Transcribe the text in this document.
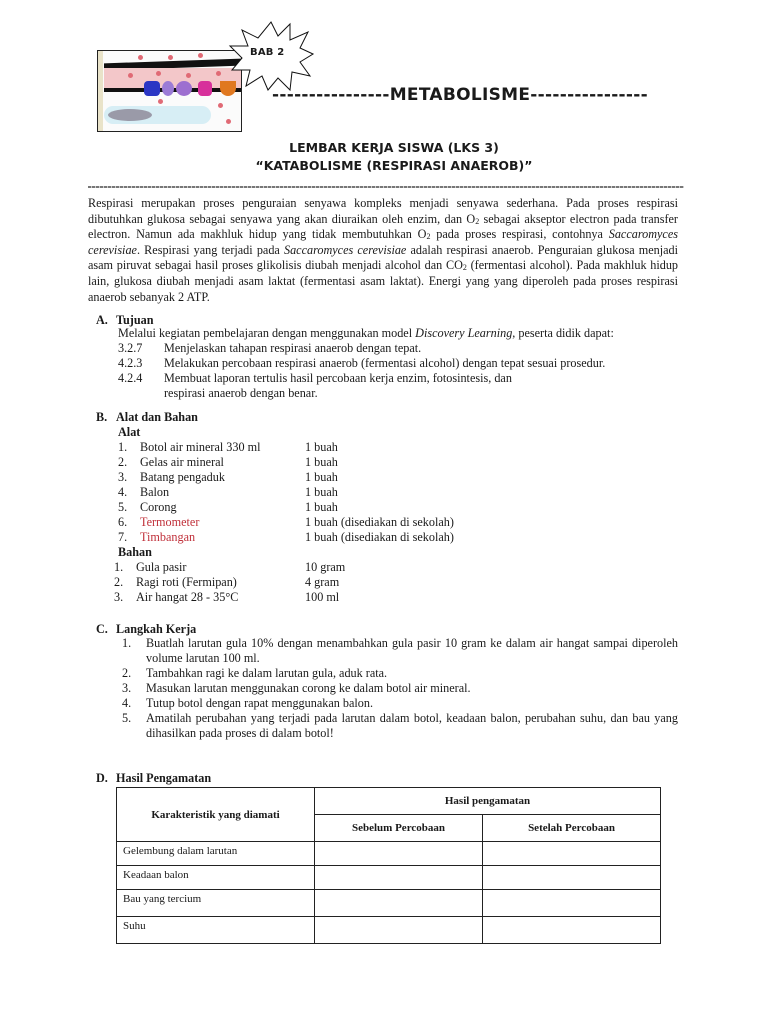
BAB 2
----------------METABOLISME----------------
LEMBAR KERJA SISWA (LKS 3)
“KATABOLISME (RESPIRASI ANAEROB)”
Respirasi merupakan proses penguraian senyawa kompleks menjadi senyawa sederhana. Pada proses respirasi dibutuhkan glukosa sebagai senyawa yang akan diuraikan oleh enzim, dan $O_2$ sebagai akseptor electron pada transfer electron. Namun ada makhluk hidup yang tidak membutuhkan $O_2$ pada proses respirasi, contohnya Saccaromyces cerevisiae. Respirasi yang terjadi pada Saccaromyces cerevisiae adalah respirasi anaerob. Penguraian glukosa menjadi asam piruvat sebagai hasil proses glikolisis diubah menjadi alcohol dan $CO_2$ (fermentasi alcohol). Pada makhluk hidup lain, glukosa diubah menjadi asam laktat (fermentasi asam laktat). Energi yang yang diperoleh pada proses respirasi anaerob sebanyak 2 ATP.
A. Tujuan
Melalui kegiatan pembelajaran dengan menggunakan model Discovery Learning, peserta didik dapat:
3.2.7 Menjelaskan tahapan respirasi anaerob dengan tepat.
4.2.3 Melakukan percobaan respirasi anaerob (fermentasi alcohol) dengan tepat sesuai prosedur.
4.2.4 Membuat laporan tertulis hasil percobaan kerja enzim, fotosintesis, dan respirasi anaerob dengan benar.
B. Alat dan Bahan
Alat
1.	Botol air mineral 330 ml	1 buah
2.	Gelas air mineral	1 buah
3.	Batang pengaduk	1 buah
4.	Balon	1 buah
5.	Corong	1 buah
6.	Termometer	1 buah (disediakan di sekolah)
7.	Timbangan	1 buah (disediakan di sekolah)
Bahan
1.	Gula pasir	10 gram
2.	Ragi roti (Fermipan)	4 gram
3.	Air hangat 28 - 35°C	100 ml
C. Langkah Kerja
1. Buatlah larutan gula 10% dengan menambahkan gula pasir 10 gram ke dalam air hangat sampai diperoleh volume larutan 100 ml.
2. Tambahkan ragi ke dalam larutan gula, aduk rata.
3. Masukan larutan menggunakan corong ke dalam botol air mineral.
4. Tutup botol dengan rapat menggunakan balon.
5. Amatilah perubahan yang terjadi pada larutan dalam botol, keadaan balon, perubahan suhu, dan bau yang dihasilkan pada proses di dalam botol!
D. Hasil Pengamatan
Karakteristik yang diamati	Hasil pengamatan	
	Sebelum Percobaan	Setelah Percobaan
Gelembung dalam larutan		
Keadaan balon		
Bau yang tercium		
Suhu		
